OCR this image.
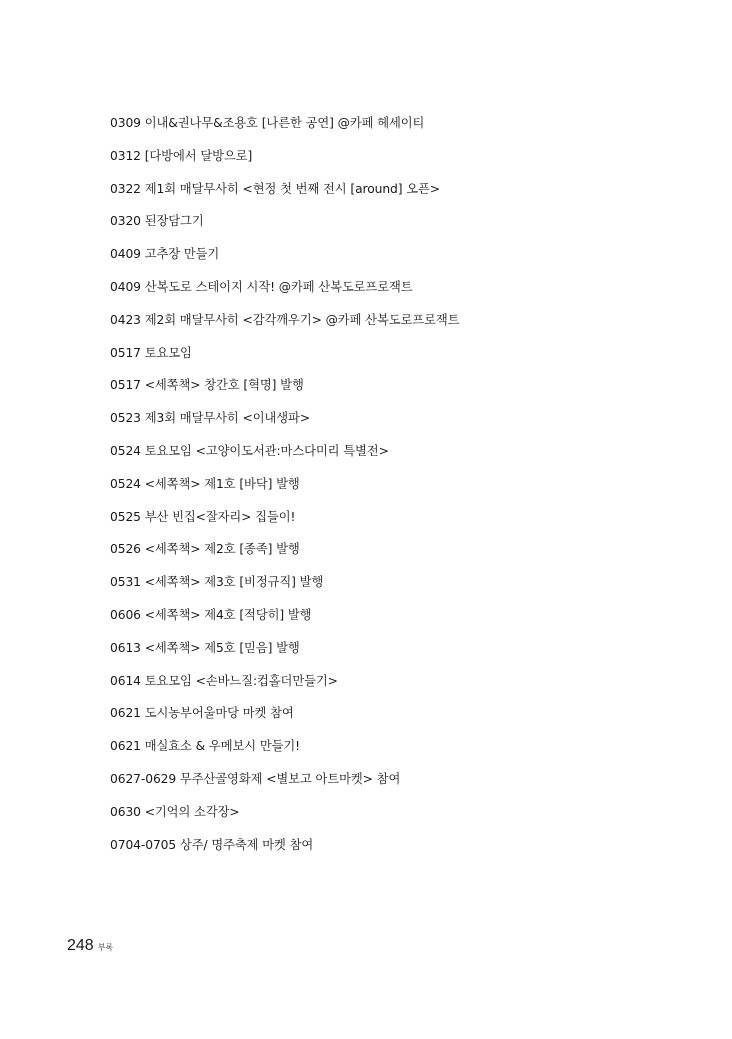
0309 이내&권나무&조용호 [나른한 공연] @카페 헤세이티
0312 [다방에서 달방으로]
0322 제1회 매달무사히 <현정 첫 번째 전시 [around] 오픈>
0320 된장담그기
0409 고추장 만들기
0409 산복도로 스테이지 시작! @카페 산복도로프로잭트
0423 제2회 매달무사히 <감각깨우기> @카페 산복도로프로잭트
0517 토요모임
0517 <세쪽책> 창간호 [혁명] 발행
0523 제3회 매달무사히 <이내생파>
0524 토요모임 <고양이도서관:마스다미리 특별전>
0524 <세쪽책> 제1호 [바닥] 발행
0525 부산 빈집<잘자리> 집들이!
0526 <세쪽책> 제2호 [종족] 발행
0531 <세쪽책> 제3호 [비정규직] 발행
0606 <세쪽책> 제4호 [적당히] 발행
0613 <세쪽책> 제5호 [믿음] 발행
0614 토요모임 <손바느질:컵홀더만들기>
0621 도시농부어울마당 마켓 참여
0621 매실효소 & 우메보시 만들기!
0627-0629 무주산골영화제 <별보고 아트마켓> 참여
0630 <기억의 소각장>
0704-0705 상주/ 명주축제 마켓 참여
248 부록
